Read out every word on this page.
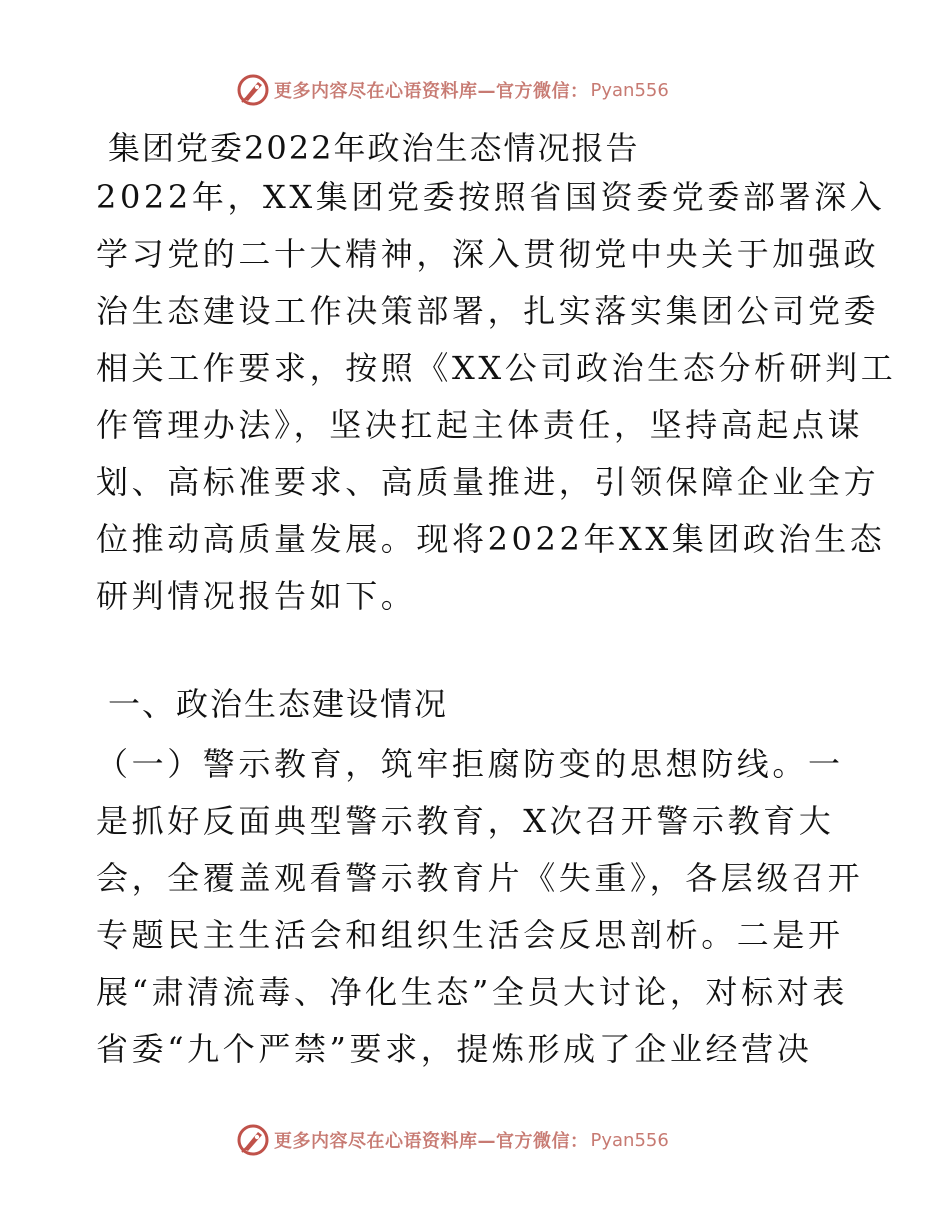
更多内容尽在心语资料库—官方微信： Pyan556
集团党委2022年政治生态情况报告
2022年，XX集团党委按照省国资委党委部署深入
学习党的二十大精神，深入贯彻党中央关于加强政
治生态建设工作决策部署，扎实落实集团公司党委
相关工作要求，按照《XX公司政治生态分析研判工
作管理办法》，坚决扛起主体责任，坚持高起点谋
划、高标准要求、高质量推进，引领保障企业全方
位推动高质量发展。现将2022年XX集团政治生态
研判情况报告如下。
一、政治生态建设情况
（一）警示教育，筑牢拒腐防变的思想防线。一
是抓好反面典型警示教育，X次召开警示教育大
会，全覆盖观看警示教育片《失重》，各层级召开
专题民主生活会和组织生活会反思剖析。二是开
展“肃清流毒、净化生态”全员大讨论，对标对表
省委“九个严禁”要求，提炼形成了企业经营决
更多内容尽在心语资料库—官方微信： Pyan556
